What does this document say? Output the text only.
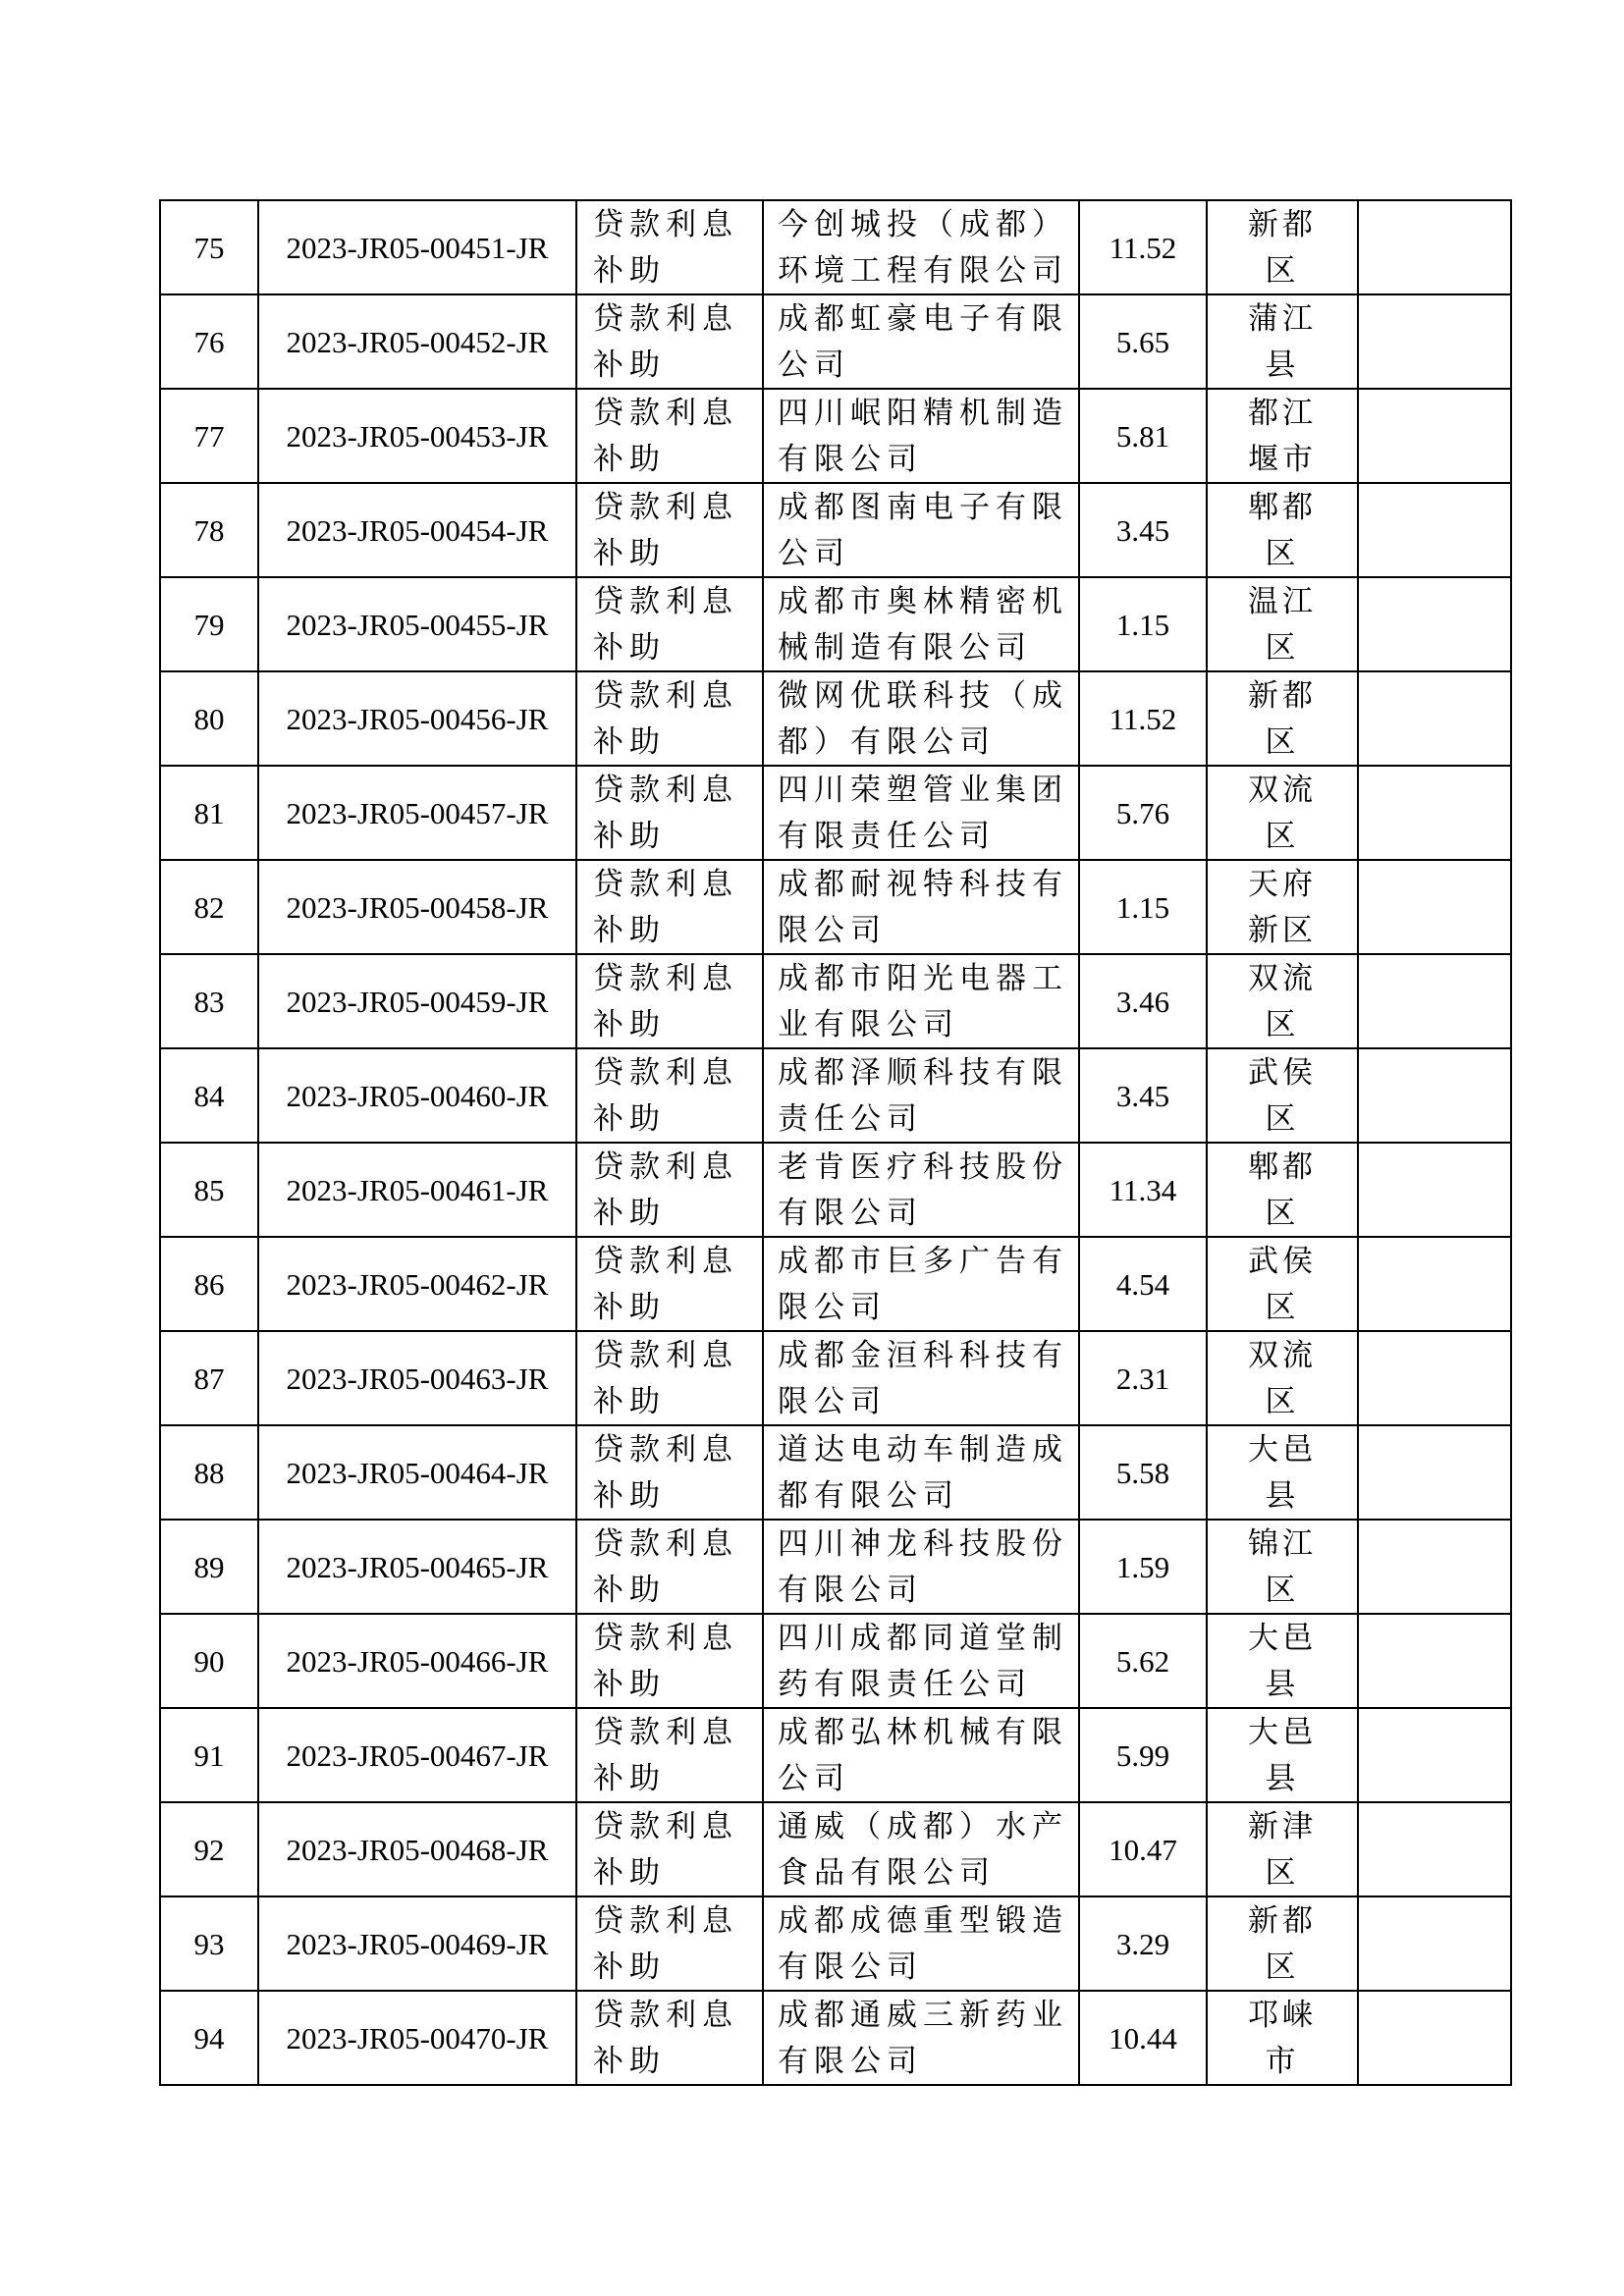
75	2023-JR05-00451-JR	贷款利息补助	今创城投（成都）环境工程有限公司	11.52	新都区	

76	2023-JR05-00452-JR	贷款利息补助	成都虹豪电子有限公司	5.65	蒲江县	

77	2023-JR05-00453-JR	贷款利息补助	四川岷阳精机制造有限公司	5.81	都江堰市	

78	2023-JR05-00454-JR	贷款利息补助	成都图南电子有限公司	3.45	郫都区	

79	2023-JR05-00455-JR	贷款利息补助	成都市奥林精密机械制造有限公司	1.15	温江区	

80	2023-JR05-00456-JR	贷款利息补助	微网优联科技（成都）有限公司	11.52	新都区	

81	2023-JR05-00457-JR	贷款利息补助	四川荣塑管业集团有限责任公司	5.76	双流区	

82	2023-JR05-00458-JR	贷款利息补助	成都耐视特科技有限公司	1.15	天府新区	

83	2023-JR05-00459-JR	贷款利息补助	成都市阳光电器工业有限公司	3.46	双流区	

84	2023-JR05-00460-JR	贷款利息补助	成都泽顺科技有限责任公司	3.45	武侯区	

85	2023-JR05-00461-JR	贷款利息补助	老肯医疗科技股份有限公司	11.34	郫都区	

86	2023-JR05-00462-JR	贷款利息补助	成都市巨多广告有限公司	4.54	武侯区	

87	2023-JR05-00463-JR	贷款利息补助	成都金洹科科技有限公司	2.31	双流区	

88	2023-JR05-00464-JR	贷款利息补助	道达电动车制造成都有限公司	5.58	大邑县	

89	2023-JR05-00465-JR	贷款利息补助	四川神龙科技股份有限公司	1.59	锦江区	

90	2023-JR05-00466-JR	贷款利息补助	四川成都同道堂制药有限责任公司	5.62	大邑县	

91	2023-JR05-00467-JR	贷款利息补助	成都弘林机械有限公司	5.99	大邑县	

92	2023-JR05-00468-JR	贷款利息补助	通威（成都）水产食品有限公司	10.47	新津区	

93	2023-JR05-00469-JR	贷款利息补助	成都成德重型锻造有限公司	3.29	新都区	

94	2023-JR05-00470-JR	贷款利息补助	成都通威三新药业有限公司	10.44	邛崃市	
